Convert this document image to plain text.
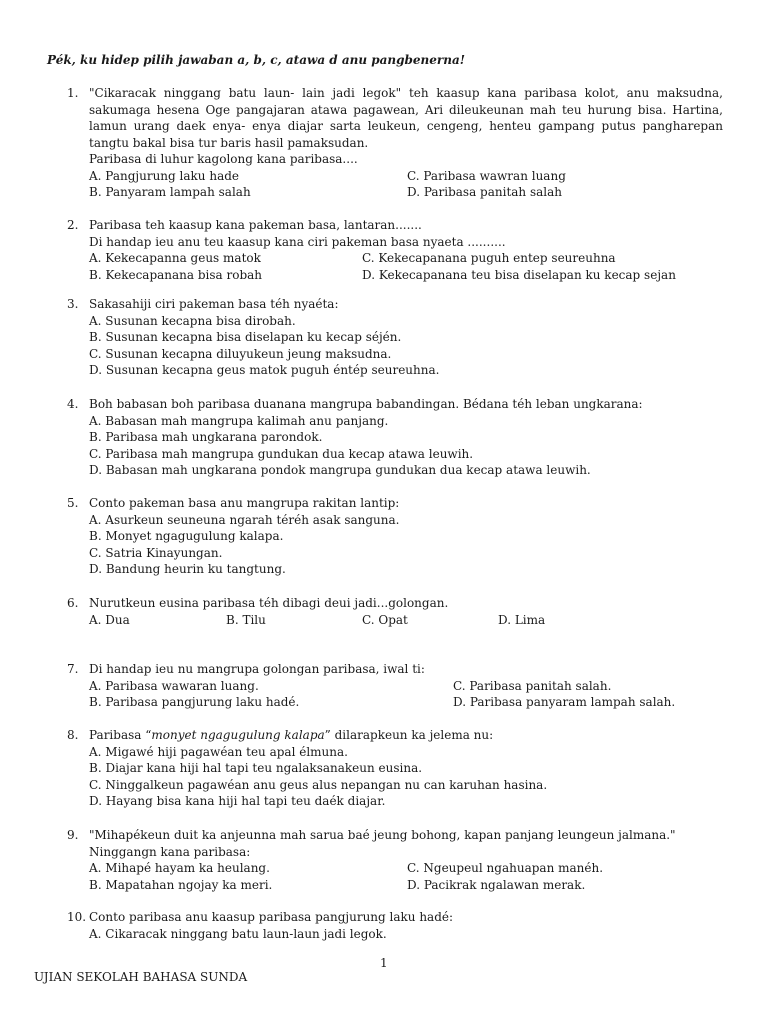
Pék, ku hidep pilih jawaban a, b, c, atawa d anu pangbenerna!
1. "Cikaracak ninggang batu laun- lain jadi legok" teh kaasup kana paribasa kolot, anu maksudna, sakumaga hesena Oge pangajaran atawa pagawean, Ari dileukeunan mah teu hurung bisa. Hartina, lamun urang daek enya- enya diajar sarta leukeun, cengeng, henteu gampang putus pangharepan tangtu bakal bisa tur baris hasil pamaksudan.
Paribasa di luhur kagolong kana paribasa....
A. Pangjurung laku hade	C. Paribasa wawran luang
B. Panyaram lampah salah	D. Paribasa panitah salah
2. Paribasa teh kaasup kana pakeman basa, lantaran.......
Di handap ieu anu teu kaasup kana ciri pakeman basa nyaeta ..........
A. Kekecapanna geus matok	C. Kekecapanana puguh entep seureuhna
B. Kekecapanana bisa robah	D. Kekecapanana teu bisa diselapan ku kecap sejan
3. Sakasahiji ciri pakeman basa téh nyaéta:
A. Susunan kecapna bisa dirobah.
B. Susunan kecapna bisa diselapan ku kecap séjén.
C. Susunan kecapna diluyukeun jeung maksudna.
D. Susunan kecapna geus matok puguh éntép seureuhna.
4. Boh babasan boh paribasa duanana mangrupa babandingan. Bédana téh leban ungkarana:
A. Babasan mah mangrupa kalimah anu panjang.
B. Paribasa mah ungkarana parondok.
C. Paribasa mah mangrupa gundukan dua kecap atawa leuwih.
D. Babasan mah ungkarana pondok mangrupa gundukan dua kecap atawa leuwih.
5. Conto pakeman basa anu mangrupa rakitan lantip:
A. Asurkeun seuneuna ngarah téréh asak sanguna.
B. Monyet ngagugulung kalapa.
C. Satria Kinayungan.
D. Bandung heurin ku tangtung.
6. Nurutkeun eusina paribasa téh dibagi deui jadi...golongan.
A. Dua	B. Tilu	C. Opat	D. Lima
7. Di handap ieu nu mangrupa golongan paribasa, iwal ti:
A. Paribasa wawaran luang.	C. Paribasa panitah salah.
B. Paribasa pangjurung laku hadé.	D. Paribasa panyaram lampah salah.
8. Paribasa “monyet ngagugulung kalapa” dilarapkeun ka jelema nu:
A. Migawé hiji pagawéan teu apal élmuna.
B. Diajar kana hiji hal tapi teu ngalaksanakeun eusina.
C. Ninggalkeun pagawéan anu geus alus nepangan nu can karuhan hasina.
D. Hayang bisa kana hiji hal tapi teu daék diajar.
9. "Mihapékeun duit ka anjeunna mah sarua baé jeung bohong, kapan panjang leungeun jalmana."
Ninggangn kana paribasa:
A. Mihapé hayam ka heulang.	C. Ngeupeul ngahuapan manéh.
B. Mapatahan ngojay ka meri.	D. Pacikrak ngalawan merak.
10. Conto paribasa anu kaasup paribasa pangjurung laku hadé:
A. Cikaracak ninggang batu laun-laun jadi legok.
1
UJIAN SEKOLAH BAHASA SUNDA
